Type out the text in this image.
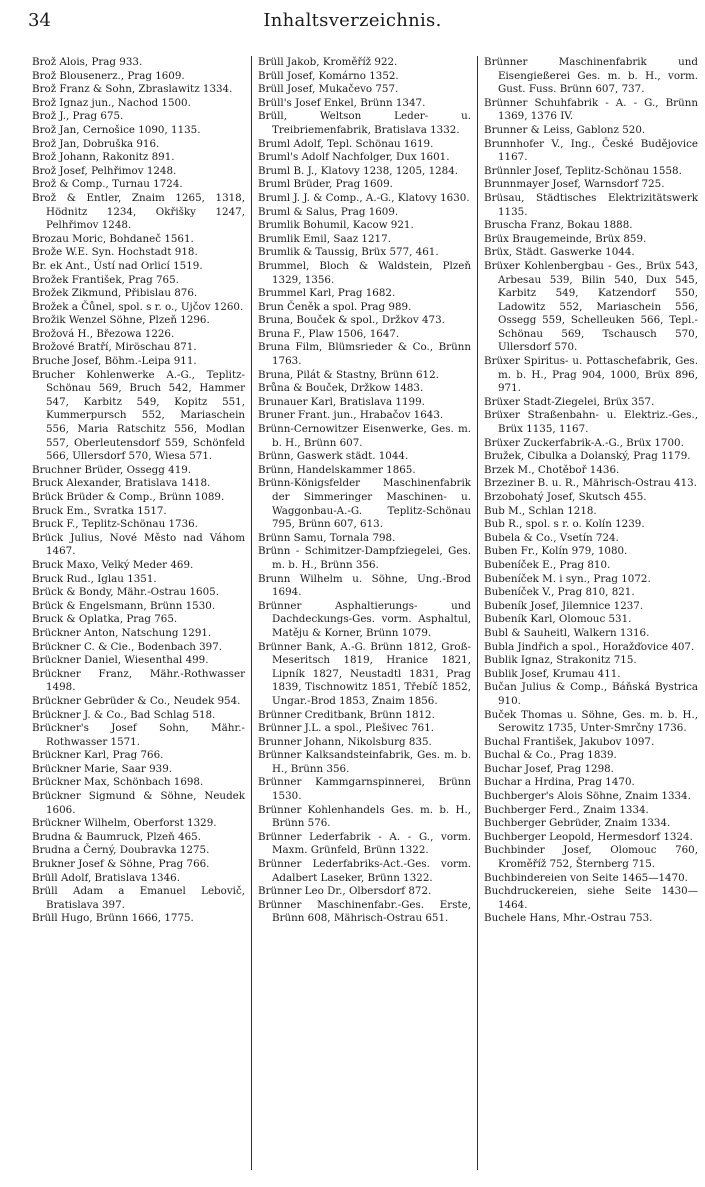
34	Inhaltsverzeichnis.

Brož Alois, Prag 933.

Brož Blousenerz., Prag 1609.

Brož Franz & Sohn, Zbraslawitz 1334.

Brož Ignaz jun., Nachod 1500.

Brož J., Prag 675.

Brož Jan, Cernošice 1090, 1135.

Brož Jan, Dobruška 916.

Brož Johann, Rakonitz 891.

Brož Josef, Pelhřimov 1248.

Brož & Comp., Turnau 1724.

Brož & Entler, Znaim 1265, 1318, Hödnitz 1234, Okřišky 1247, Pelhřimov 1248.

Brozau Moric, Bohdaneč 1561.

Brože W.E. Syn. Hochstadt 918.

Br. ek Ant., Ústí nad Orlicí 1519.

Brožek František, Prag 765.

Brožek Zikmund, Přibislau 876.

Brožek a Čůnel, spol. s r. o., Ujčov 1260.

Brožik Wenzel Söhne, Plzeň 1296.

Brožová H., Březowa 1226.

Brožové Bratří, Miröschau 871.

Bruche Josef, Böhm.-Leipa 911.

Brucher Kohlenwerke A.-G., Teplitz-Schönau 569, Bruch 542, Hammer 547, Karbitz 549, Kopitz 551, Kummerpursch 552, Mariaschein 556, Maria Ratschitz 556, Modlan 557, Oberleutensdorf 559, Schönfeld 566, Ullersdorf 570, Wiesa 571.

Bruchner Brüder, Ossegg 419.

Bruck Alexander, Bratislava 1418.

Brück Brüder & Comp., Brünn 1089.

Bruck Em., Svratka 1517.

Bruck F., Teplitz-Schönau 1736.

Brück Julius, Nové Město nad Váhom 1467.

Bruck Maxo, Velký Meder 469.

Bruck Rud., Iglau 1351.

Brück & Bondy, Mähr.-Ostrau 1605.

Brück & Engelsmann, Brünn 1530.

Bruck & Oplatka, Prag 765.

Brückner Anton, Natschung 1291.

Brückner C. & Cie., Bodenbach 397.

Brückner Daniel, Wiesenthal 499.

Brückner Franz, Mähr.-Rothwasser 1498.

Brückner Gebrüder & Co., Neudek 954.

Brückner J. & Co., Bad Schlag 518.

Brückner's Josef Sohn, Mähr.-Rothwasser 1571.

Brückner Karl, Prag 766.

Brückner Marie, Saar 939.

Brückner Max, Schönbach 1698.

Brückner Sigmund & Söhne, Neudek 1606.

Brückner Wilhelm, Oberforst 1329.

Brudna & Baumruck, Plzeň 465.

Brudna a Černý, Doubravka 1275.

Brukner Josef & Söhne, Prag 766.

Brüll Adolf, Bratislava 1346.

Brüll Adam a Emanuel Lebovič, Bratislava 397.

Brüll Hugo, Brünn 1666, 1775.

Brüll Jakob, Kroměříž 922.

Brüll Josef, Komárno 1352.

Brüll Josef, Mukačevo 757.

Brüll's Josef Enkel, Brünn 1347.

Brüll, Weltson Leder- u. Treibriemenfabrik, Bratislava 1332.

Bruml Adolf, Tepl. Schönau 1619.

Bruml's Adolf Nachfolger, Dux 1601.

Bruml B. J., Klatovy 1238, 1205, 1284.

Bruml Brüder, Prag 1609.

Bruml J. J. & Comp., A.-G., Klatovy 1630.

Bruml & Salus, Prag 1609.

Brumlik Bohumil, Kacow 921.

Brumlik Emil, Saaz 1217.

Brumlik & Taussig, Brüx 577, 461.

Brummel, Bloch & Waldstein, Plzeň 1329, 1356.

Brummel Karl, Prag 1682.

Brun Čeněk a spol. Prag 989.

Bruna, Bouček & spol., Držkov 473.

Bruna F., Plaw 1506, 1647.

Bruna Film, Blümsrieder & Co., Brünn 1763.

Bruna, Pilát & Stastny, Brünn 612.

Brůna & Bouček, Držkow 1483.

Brunauer Karl, Bratislava 1199.

Bruner Frant. jun., Hrabačov 1643.

Brünn-Cernowitzer Eisenwerke, Ges. m. b. H., Brünn 607.

Brünn, Gaswerk städt. 1044.

Brünn, Handelskammer 1865.

Brünn-Königsfelder Maschinenfabrik der Simmeringer Maschinen- u. Waggonbau-A.-G. Teplitz-Schönau 795, Brünn 607, 613.

Brünn Samu, Tornala 798.

Brünn - Schimitzer-Dampfziegelei, Ges. m. b. H., Brünn 356.

Brunn Wilhelm u. Söhne, Ung.-Brod 1694.

Brünner Asphaltierungs- und Dachdeckungs-Ges. vorm. Asphaltul, Matěju & Korner, Brünn 1079.

Brünner Bank, A.-G. Brünn 1812, Groß-Meseritsch 1819, Hranice 1821, Lipník 1827, Neustadtl 1831, Prag 1839, Tischnowitz 1851, Třebíč 1852, Ungar.-Brod 1853, Znaim 1856.

Brünner Creditbank, Brünn 1812.

Brünner J.L. a spol., Plešivec 761.

Brunner Johann, Nikolsburg 835.

Brünner Kalksandsteinfabrik, Ges. m. b. H., Brünn 356.

Brünner Kammgarnspinnerei, Brünn 1530.

Brünner Kohlenhandels Ges. m. b. H., Brünn 576.

Brünner Lederfabrik - A. - G., vorm. Maxm. Grünfeld, Brünn 1322.

Brünner Lederfabriks-Act.-Ges. vorm. Adalbert Laseker, Brünn 1322.

Brünner Leo Dr., Olbersdorf 872.

Brünner Maschinenfabr.-Ges. Erste, Brünn 608, Mährisch-Ostrau 651.

Brünner Maschinenfabrik und Eisengießerei Ges. m. b. H., vorm. Gust. Fuss. Brünn 607, 737.

Brünner Schuhfabrik - A. - G., Brünn 1369, 1376 IV.

Brunner & Leiss, Gablonz 520.

Brunnhofer V., Ing., České Budějovice 1167.

Brünnler Josef, Teplitz-Schönau 1558.

Brunnmayer Josef, Warnsdorf 725.

Brüsau, Städtisches Elektrizitätswerk 1135.

Bruscha Franz, Bokau 1888.

Brüx Braugemeinde, Brüx 859.

Brüx, Städt. Gaswerke 1044.

Brüxer Kohlenbergbau - Ges., Brüx 543, Arbesau 539, Bilin 540, Dux 545, Karbitz 549, Katzendorf 550, Ladowitz 552, Mariaschein 556, Ossegg 559, Schelleuken 566, Tepl.-Schönau 569, Tschausch 570, Ullersdorf 570.

Brüxer Spiritus- u. Pottaschefabrik, Ges. m. b. H., Prag 904, 1000, Brüx 896, 971.

Brüxer Stadt-Ziegelei, Brüx 357.

Brüxer Straßenbahn- u. Elektriz.-Ges., Brüx 1135, 1167.

Brüxer Zuckerfabrik-A.-G., Brüx 1700.

Bružek, Cibulka a Dolanský, Prag 1179.

Brzek M., Chotěboř 1436.

Brzeziner B. u. R., Mährisch-Ostrau 413.

Brzobohatý Josef, Skutsch 455.

Bub M., Schlan 1218.

Bub R., spol. s r. o. Kolín 1239.

Bubela & Co., Vsetín 724.

Buben Fr., Kolín 979, 1080.

Bubeníček E., Prag 810.

Bubeníček M. i syn., Prag 1072.

Bubeníček V., Prag 810, 821.

Bubeník Josef, Jilemnice 1237.

Bubeník Karl, Olomouc 531.

Bubl & Sauheitl, Walkern 1316.

Bubla Jindřich a spol., Horažďovice 407.

Bublik Ignaz, Strakonitz 715.

Bublik Josef, Krumau 411.

Bučan Julius & Comp., Báňská Bystrica 910.

Buček Thomas u. Söhne, Ges. m. b. H., Serowitz 1735, Unter-Smrčny 1736.

Buchal František, Jakubov 1097.

Buchal & Co., Prag 1839.

Buchar Josef, Prag 1298.

Buchar a Hrdina, Prag 1470.

Buchberger's Alois Söhne, Znaim 1334.

Buchberger Ferd., Znaim 1334.

Buchberger Gebrüder, Znaim 1334.

Buchberger Leopold, Hermesdorf 1324.

Buchbinder Josef, Olomouc 760, Kroměříž 752, Šternberg 715.

Buchbindereien von Seite 1465—1470.

Buchdruckereien, siehe Seite 1430—1464.

Buchele Hans, Mhr.-Ostrau 753.
